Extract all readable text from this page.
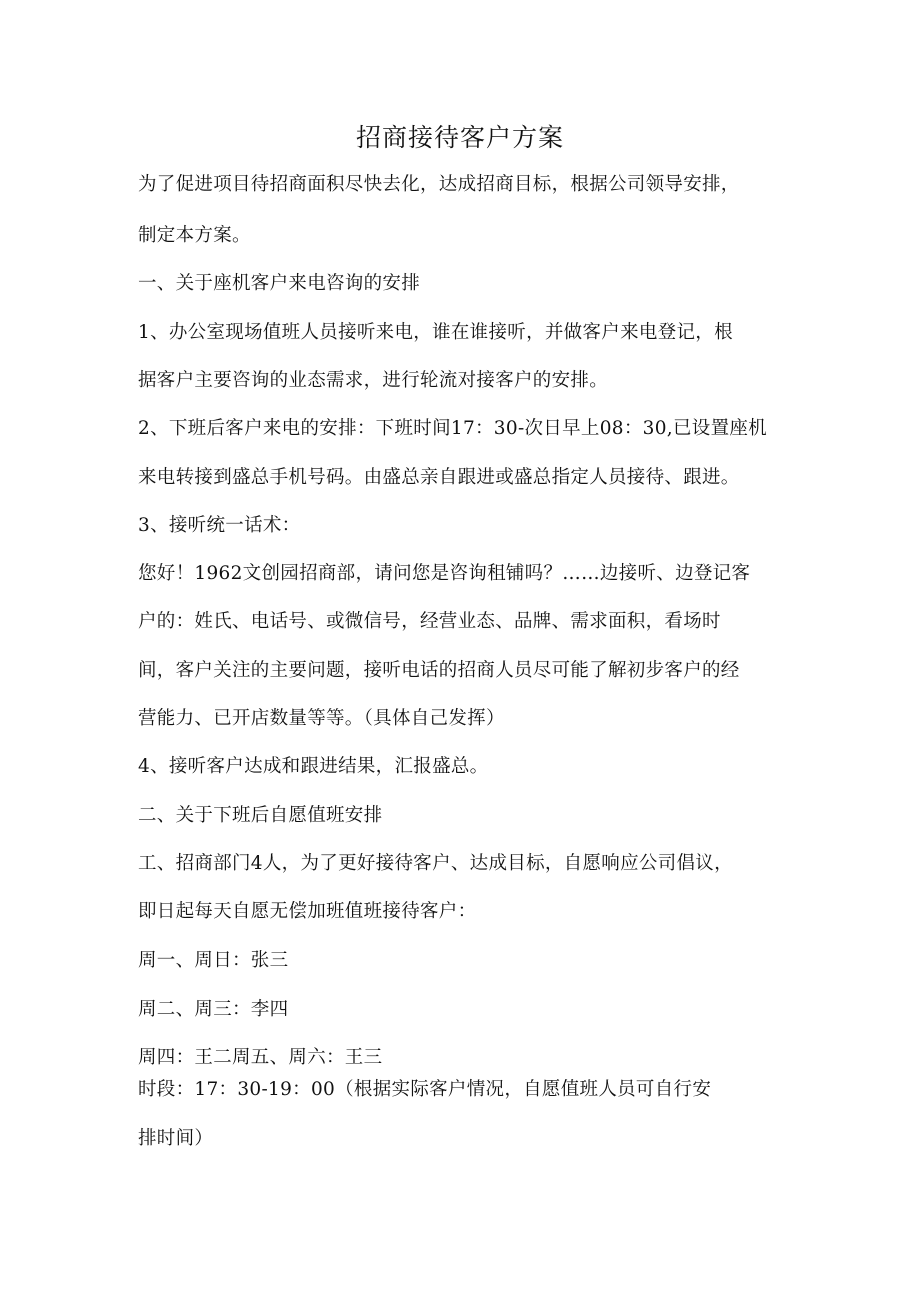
招商接待客户方案

为了促进项目待招商面积尽快去化，达成招商目标，根据公司领导安排，

制定本方案。

一、关于座机客户来电咨询的安排

1、办公室现场值班人员接听来电，谁在谁接听，并做客户来电登记，根

据客户主要咨询的业态需求，进行轮流对接客户的安排。

2、下班后客户来电的安排：下班时间17：30-次日早上08：30,已设置座机

来电转接到盛总手机号码。由盛总亲自跟进或盛总指定人员接待、跟进。

3、接听统一话术：

您好！1962文创园招商部，请问您是咨询租铺吗？……边接听、边登记客

户的：姓氏、电话号、或微信号，经营业态、品牌、需求面积，看场时

间，客户关注的主要问题，接听电话的招商人员尽可能了解初步客户的经

营能力、已开店数量等等。（具体自己发挥）

4、接听客户达成和跟进结果，汇报盛总。

二、关于下班后自愿值班安排

工、招商部门4人，为了更好接待客户、达成目标，自愿响应公司倡议，

即日起每天自愿无偿加班值班接待客户：

周一、周日：张三

周二、周三：李四

周四：王二周五、周六：王三

时段：17：30-19：00（根据实际客户情况，自愿值班人员可自行安

排时间）
